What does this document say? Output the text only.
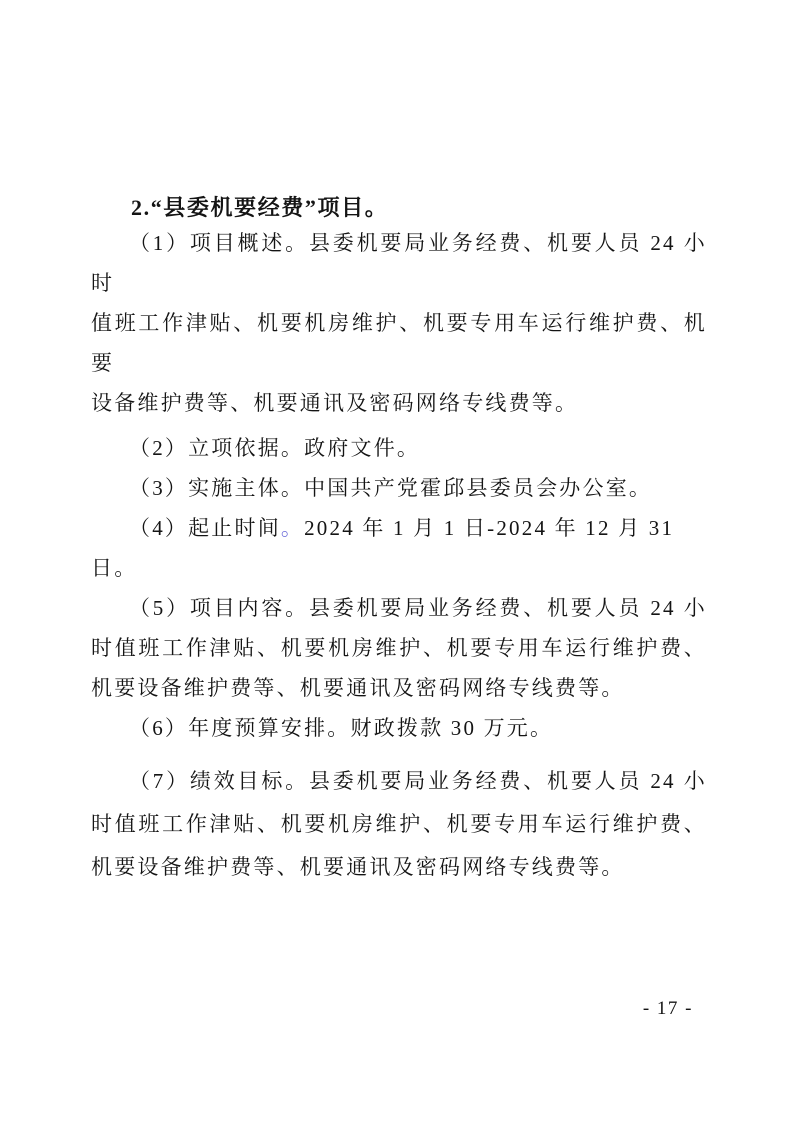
2.“县委机要经费”项目。
（1）项目概述。县委机要局业务经费、机要人员 24 小时
值班工作津贴、机要机房维护、机要专用车运行维护费、机要
设备维护费等、机要通讯及密码网络专线费等。
（2）立项依据。政府文件。
（3）实施主体。中国共产党霍邱县委员会办公室。
（4）起止时间。2024 年 1 月 1 日-2024 年 12 月 31 日。
（5）项目内容。县委机要局业务经费、机要人员 24 小
时值班工作津贴、机要机房维护、机要专用车运行维护费、
机要设备维护费等、机要通讯及密码网络专线费等。
（6）年度预算安排。财政拨款 30 万元。
（7）绩效目标。县委机要局业务经费、机要人员 24 小
时值班工作津贴、机要机房维护、机要专用车运行维护费、
机要设备维护费等、机要通讯及密码网络专线费等。
- 17 -
